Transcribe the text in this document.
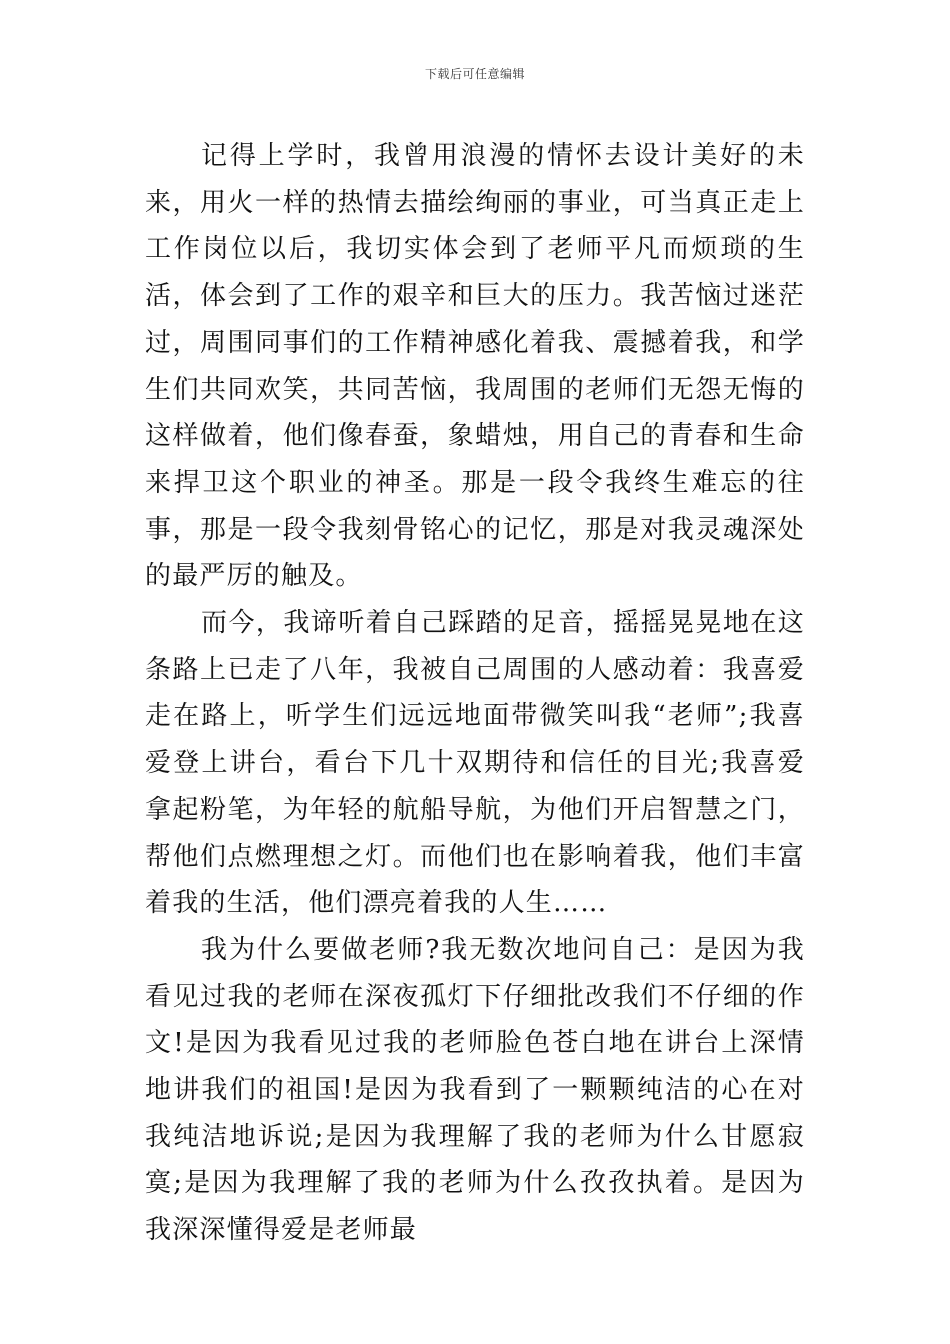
下载后可任意编辑

记得上学时，我曾用浪漫的情怀去设计美好的未来，用火一样的热情去描绘绚丽的事业，可当真正走上工作岗位以后，我切实体会到了老师平凡而烦琐的生活，体会到了工作的艰辛和巨大的压力。我苦恼过迷茫过，周围同事们的工作精神感化着我、震撼着我，和学生们共同欢笑，共同苦恼，我周围的老师们无怨无悔的这样做着，他们像春蚕，象蜡烛，用自己的青春和生命来捍卫这个职业的神圣。那是一段令我终生难忘的往事，那是一段令我刻骨铭心的记忆，那是对我灵魂深处的最严厉的触及。

而今，我谛听着自己踩踏的足音，摇摇晃晃地在这条路上已走了八年，我被自己周围的人感动着：我喜爱走在路上，听学生们远远地面带微笑叫我“老师”;我喜爱登上讲台，看台下几十双期待和信任的目光;我喜爱拿起粉笔，为年轻的航船导航，为他们开启智慧之门，帮他们点燃理想之灯。而他们也在影响着我，他们丰富着我的生活，他们漂亮着我的人生……

我为什么要做老师?我无数次地问自己：是因为我看见过我的老师在深夜孤灯下仔细批改我们不仔细的作文!是因为我看见过我的老师脸色苍白地在讲台上深情地讲我们的祖国!是因为我看到了一颗颗纯洁的心在对我纯洁地诉说;是因为我理解了我的老师为什么甘愿寂寞;是因为我理解了我的老师为什么孜孜执着。是因为我深深懂得爱是老师最
